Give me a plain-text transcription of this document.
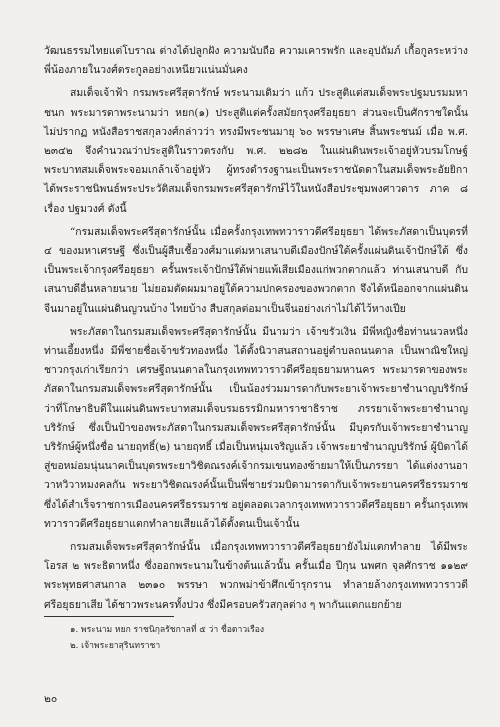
วัฒนธรรมไทยแต่โบราณ ต่างได้ปลูกฝัง ความนับถือ ความเคารพรัก และอุปถัมภ์ เกื้อกูลระหว่างพี่น้องภายในวงศ์ตระกูลอย่างเหนียวแน่นมั่นคง

สมเด็จเจ้าฟ้า กรมพระศรีสุดารักษ์ พระนามเดิมว่า แก้ว ประสูติแต่สมเด็จพระปฐมบรมมหาชนก พระมารดาพระนามว่า หยก(๑) ประสูติแต่ครั้งสมัยกรุงศรีอยุธยา ส่วนจะเป็นศักราชใดนั้นไม่ปรากฏ หนังสือราชสกุลวงศ์กล่าวว่า ทรงมีพระชนมายุ ๖๐ พรรษาเศษ สิ้นพระชนม์ เมื่อ พ.ศ. ๒๓๔๒ จึงคำนวณว่าประสูติในราวตรงกับ พ.ศ. ๒๒๘๒ ในแผ่นดินพระเจ้าอยู่หัวบรมโกษฐ์ พระบาทสมเด็จพระจอมเกล้าเจ้าอยู่หัว ผู้ทรงดำรงฐานะเป็นพระราชนัดดาในสมเด็จพระอัยยิกา ได้พระราชนิพนธ์พระประวัติสมเด็จกรมพระศรีสุดารักษ์ไว้ในหนังสือประชุมพงศาวดาร ภาค ๘ เรื่อง ปฐมวงศ์ ดังนี้

“กรมสมเด็จพระศรีสุดารักษ์นั้น เมื่อครั้งกรุงเทพทวาราวดีศรีอยุธยา ได้พระภัสดาเป็นบุตรที่ ๔ ของมหาเศรษฐี ซึ่งเป็นผู้สืบเชื้อวงศ์มาแต่มหาเสนาบดีเมืองปักษ์ใต้ครั้งแผ่นดินเจ้าปักษ์ใต้ ซึ่งเป็นพระเจ้ากรุงศรีอยุธยา ครั้นพระเจ้าปักษ์ใต้พ่ายแพ้เสียเมืองแก่พวกตากแล้ว ท่านเสนาบดี กับเสนาบดีอื่นหลายนาย ไม่ยอมตัดผมมาอยู่ใต้ความปกครองของพวกตาก จึงได้หนีออกจากแผ่นดินจีนมาอยู่ในแผ่นดินญวนบ้าง ไทยบ้าง สืบสกุลต่อมาเป็นจีนอย่างเก่าไม่ได้ไว้หางเปีย

พระภัสดาในกรมสมเด็จพระศรีสุดารักษ์นั้น มีนามว่า เจ้าขรัวเงิน มีพี่หญิงชื่อท่านนวลหนึ่ง ท่านเอี้ยงหนึ่ง มีพี่ชายชื่อเจ้าขรัวทองหนึ่ง ได้ตั้งนิวาสนสถานอยู่ตำบลถนนตาล เป็นพาณิชใหญ่ ชาวกรุงเก่าเรียกว่า เศรษฐีถนนตาลในกรุงเทพทวาราวดีศรีอยุธยามหานคร พระมารดาของพระภัสดาในกรมสมเด็จพระศรีสุดารักษ์นั้น เป็นน้องร่วมมารดากับพระยาเจ้าพระยาชำนาญบริรักษ์ ว่าที่โกษาธิบดีในแผ่นดินพระบาทสมเด็จบรมธรรมิกมหาราชาธิราช ภรรยาเจ้าพระยาชำนาญบริรักษ์ ซึ่งเป็นป้าของพระภัสดาในกรมสมเด็จพระศรีสุดารักษ์นั้น มีบุตรกับเจ้าพระยาชำนาญบริรักษ์ผู้หนึ่งชื่อ นายฤทธิ์(๒) นายฤทธิ์ เมื่อเป็นหนุ่มเจริญแล้ว เจ้าพระยาชำนาญบริรักษ์ ผู้บิดาได้สู่ขอหม่อมนุ่นนาคเป็นบุตรพระยาวิชิตณรงค์เจ้ากรมเขนทองซ้ายมาให้เป็นภรรยา ได้แต่งงานอาวาหวิวาหมงคลกัน พระยาวิชิตณรงค์นั้นเป็นพี่ชายร่วมบิดามารดากับเจ้าพระยานครศรีธรรมราช ซึ่งได้สำเร็จราชการเมืองนครศรีธรรมราช อยู่ตลอดเวลากรุงเทพทวาราวดีศรีอยุธยา ครั้นกรุงเทพทวาราวดีศรีอยุธยาแตกทำลายเสียแล้วได้ตั้งตนเป็นเจ้านั้น

กรมสมเด็จพระศรีสุดารักษ์นั้น เมื่อกรุงเทพทวาราวดีศรีอยุธยายังไม่แตกทำลาย ได้มีพระโอรส ๒ พระธิดาหนึ่ง ซึ่งออกพระนามในข้างต้นแล้วนั้น ครั้นเมื่อ ปีกุน นพศก จุลศักราช ๑๑๒๙ พระพุทธศาสนกาล ๒๓๑๐ พรรษา พวกพม่าข้าศึกเข้ารุกราน ทำลายล้างกรุงเทพทวาราวดีศรีอยุธยาเสีย ได้ชาวพระนครทั้งปวง ซึ่งมีครอบครัวสกุลต่าง ๆ พากันแตกแยกย้าย

๑. พระนาม หยก ราชนิกุลรัชกาลที่ ๕ ว่า ชื่อดาวเรือง
๒. เจ้าพระยาสุรินทราชา
๒๐
